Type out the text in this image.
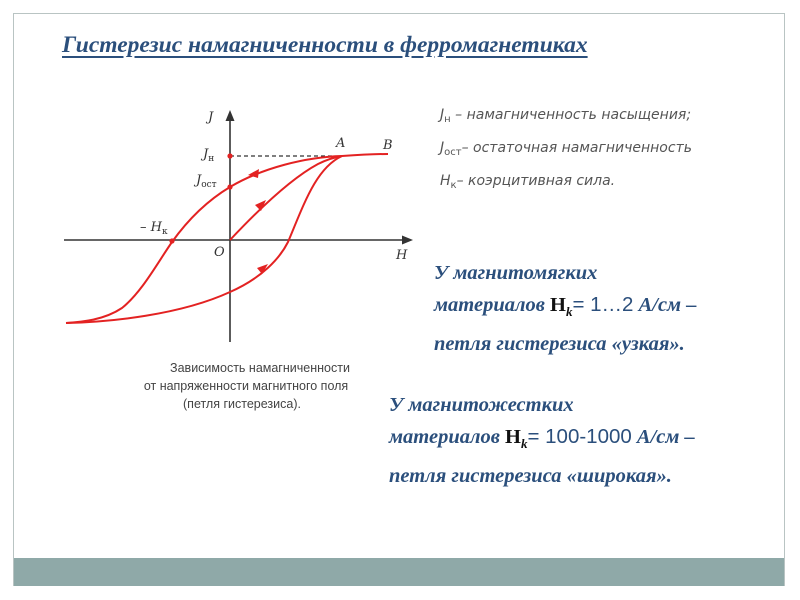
Гистерезис намагниченности в ферромагнетиках
J
H
O
A	B
$J_н$
$J_{ост}$
– $H_к$
Зависимость намагниченности
от напряженности магнитного поля
(петля гистерезиса).
$J_н$ – намагниченность насыщения;
$J_{ост}-$ остаточная намагниченность
$H_к-$ коэрцитивная сила.
У магнитомягких
материалов $H_k=$ 1…2 А/см –
петля гистерезиса «узкая».
У магнитожестких
материалов $H_k= 100-1000$ А/см –
петля гистерезиса «широкая».
